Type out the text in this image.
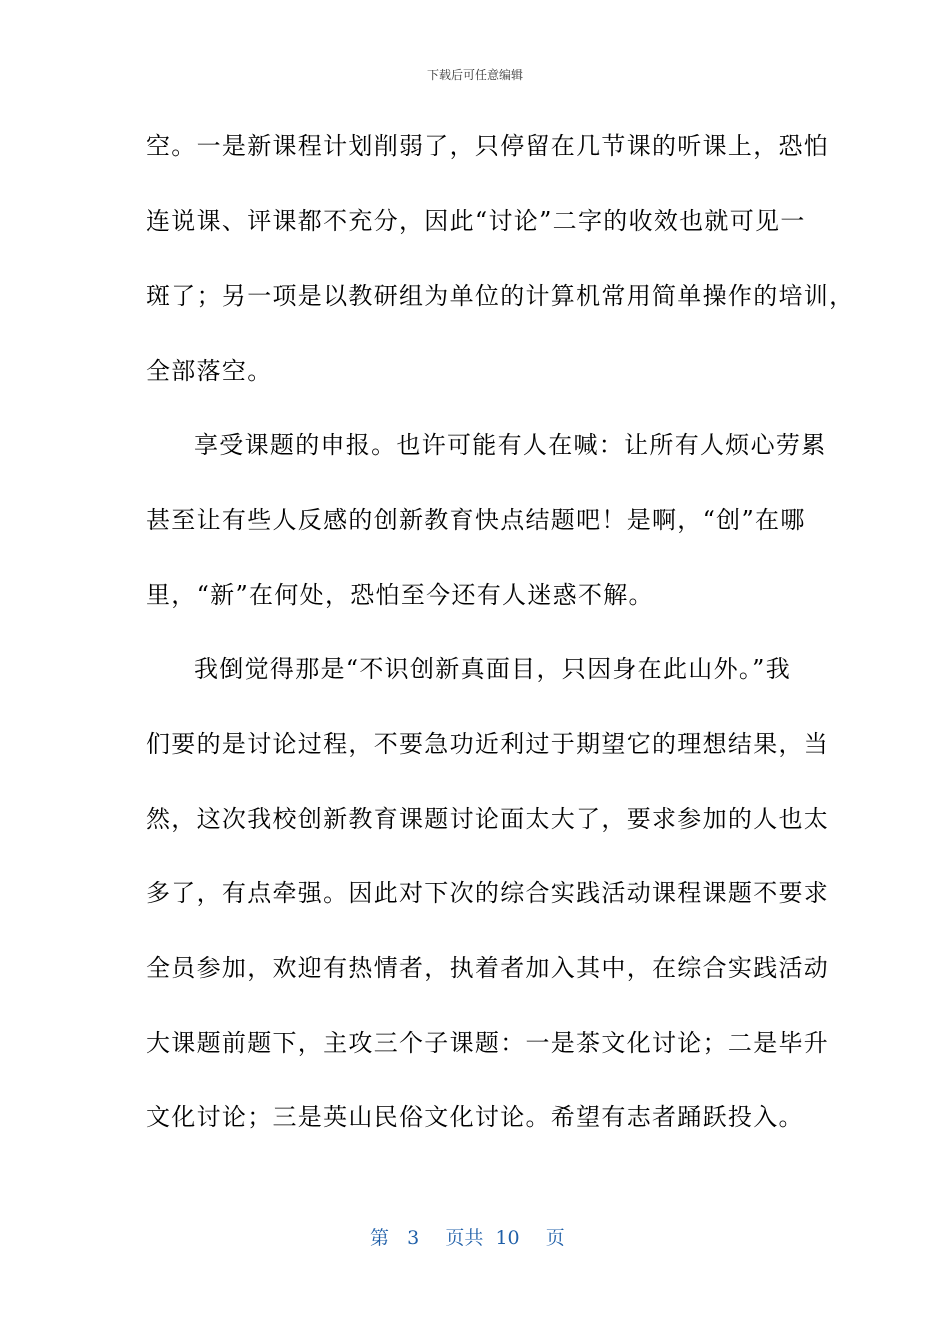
下载后可任意编辑
空。一是新课程计划削弱了，只停留在几节课的听课上，恐怕
连说课、评课都不充分，因此“讨论”二字的收效也就可见一
斑了；另一项是以教研组为单位的计算机常用简单操作的培训，
全部落空。
享受课题的申报。也许可能有人在喊：让所有人烦心劳累
甚至让有些人反感的创新教育快点结题吧！是啊，“创”在哪
里，“新”在何处，恐怕至今还有人迷惑不解。
我倒觉得那是“不识创新真面目，只因身在此山外。”我
们要的是讨论过程，不要急功近利过于期望它的理想结果，当
然，这次我校创新教育课题讨论面太大了，要求参加的人也太
多了，有点牵强。因此对下次的综合实践活动课程课题不要求
全员参加，欢迎有热情者，执着者加入其中，在综合实践活动
大课题前题下，主攻三个子课题：一是茶文化讨论；二是毕升
文化讨论；三是英山民俗文化讨论。希望有志者踊跃投入。
第 3 页共 10 页
